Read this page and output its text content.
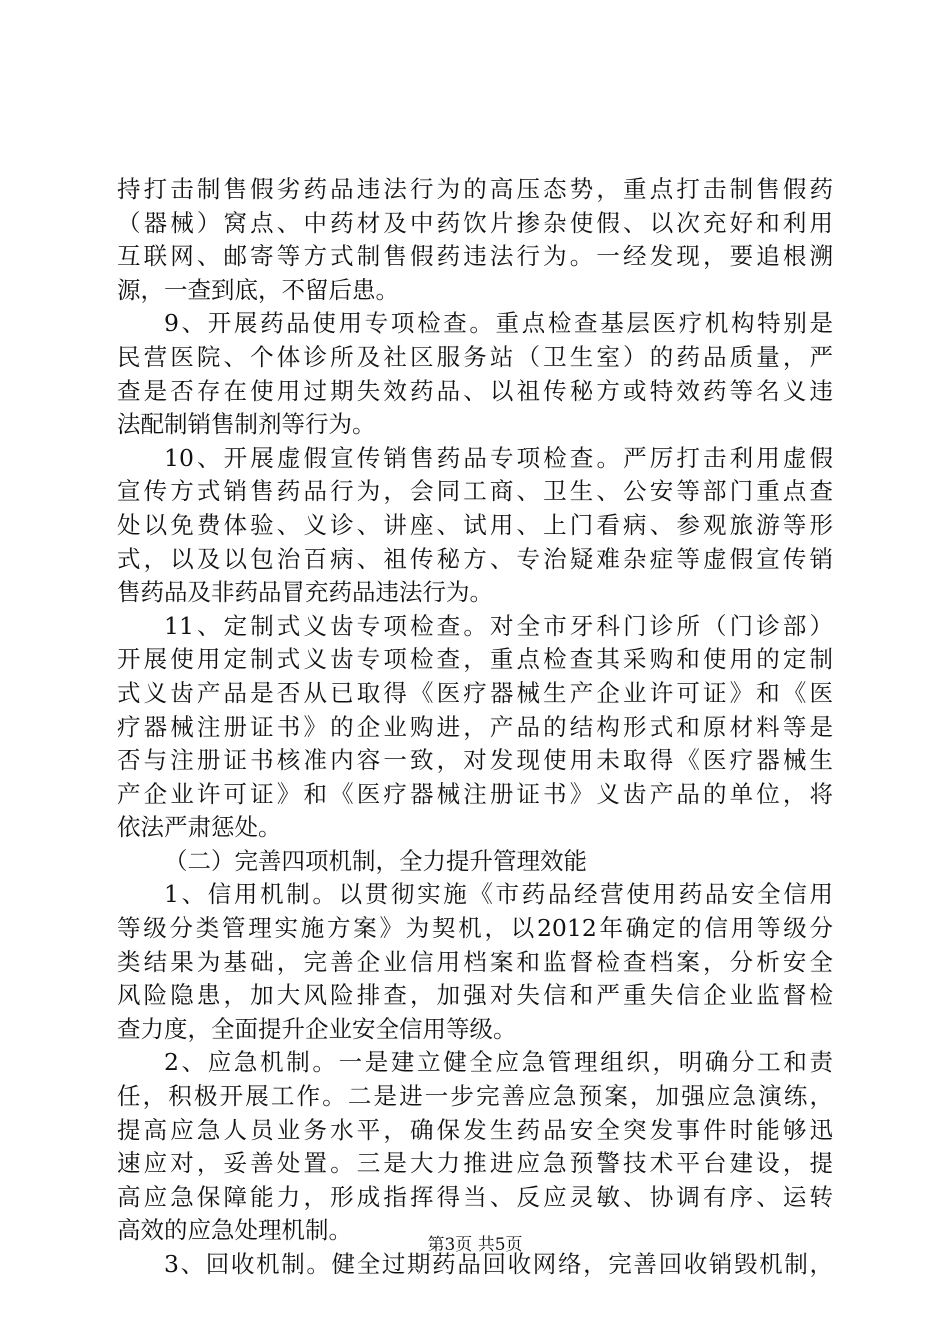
持打击制售假劣药品违法行为的高压态势，重点打击制售假药
（器械）窝点、中药材及中药饮片掺杂使假、以次充好和利用
互联网、邮寄等方式制售假药违法行为。一经发现，要追根溯
源，一查到底，不留后患。
9、开展药品使用专项检查。重点检查基层医疗机构特别是
民营医院、个体诊所及社区服务站（卫生室）的药品质量，严
查是否存在使用过期失效药品、以祖传秘方或特效药等名义违
法配制销售制剂等行为。
10、开展虚假宣传销售药品专项检查。严厉打击利用虚假
宣传方式销售药品行为，会同工商、卫生、公安等部门重点查
处以免费体验、义诊、讲座、试用、上门看病、参观旅游等形
式，以及以包治百病、祖传秘方、专治疑难杂症等虚假宣传销
售药品及非药品冒充药品违法行为。
11、定制式义齿专项检查。对全市牙科门诊所（门诊部）
开展使用定制式义齿专项检查，重点检查其采购和使用的定制
式义齿产品是否从已取得《医疗器械生产企业许可证》和《医
疗器械注册证书》的企业购进，产品的结构形式和原材料等是
否与注册证书核准内容一致，对发现使用未取得《医疗器械生
产企业许可证》和《医疗器械注册证书》义齿产品的单位，将
依法严肃惩处。
（二）完善四项机制，全力提升管理效能
1、信用机制。以贯彻实施《市药品经营使用药品安全信用
等级分类管理实施方案》为契机，以2012年确定的信用等级分
类结果为基础，完善企业信用档案和监督检查档案，分析安全
风险隐患，加大风险排查，加强对失信和严重失信企业监督检
查力度，全面提升企业安全信用等级。
2、应急机制。一是建立健全应急管理组织，明确分工和责
任，积极开展工作。二是进一步完善应急预案，加强应急演练，
提高应急人员业务水平，确保发生药品安全突发事件时能够迅
速应对，妥善处置。三是大力推进应急预警技术平台建设，提
高应急保障能力，形成指挥得当、反应灵敏、协调有序、运转
高效的应急处理机制。
3、回收机制。健全过期药品回收网络，完善回收销毁机制，
第3页 共5页
